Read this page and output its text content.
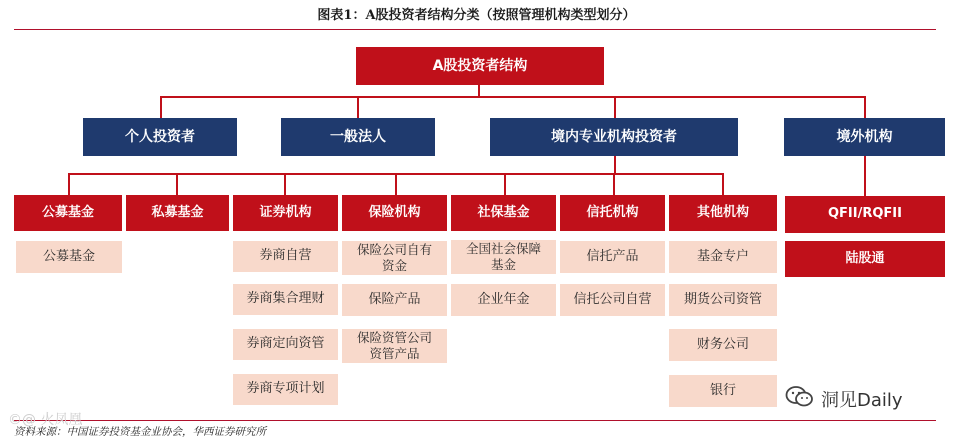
图表1：A股投资者结构分类（按照管理机构类型划分）
A股投资者结构
个人投资者	一般法人	境内专业机构投资者	境外机构
公募基金	私募基金	证券机构	保险机构	社保基金	信托机构	其他机构	QFII/RQFII
陆股通
公募基金	券商自营
券商集合理财
券商定向资管
券商专项计划
保险公司自有
资金
保险产品
保险资管公司
资管产品
全国社会保障
基金
企业年金
信托产品
信托公司自营
基金专户
期货公司资管
财务公司
银行	洞见Daily
资料来源：中国证券投资基金业协会，华西证券研究所
©@ 火凤凰
